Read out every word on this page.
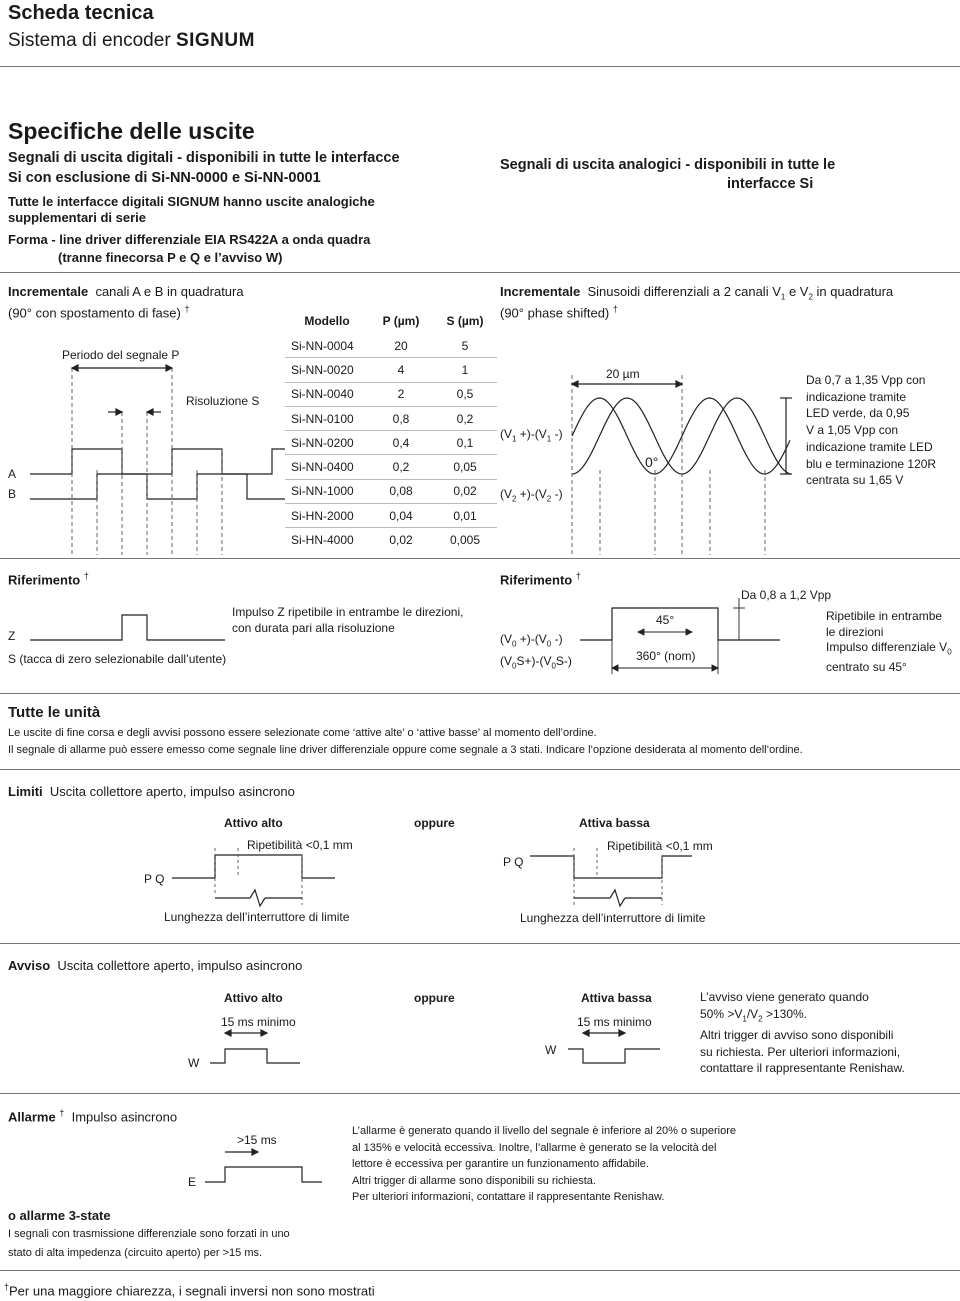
Scheda tecnica
Sistema di encoder SIGNUM
Specifiche delle uscite
Segnali di uscita digitali - disponibili in tutte le interfacce
Si con esclusione di Si-NN-0000 e Si-NN-0001
Tutte le interfacce digitali SIGNUM hanno uscite analogiche
supplementari di serie
Forma - line driver differenziale EIA RS422A a onda quadra
(tranne finecorsa P e Q e l’avviso W)
Segnali di uscita analogici - disponibili in tutte le
interfacce Si
Incrementale canali A e B in quadratura
(90° con spostamento di fase) †
Periodo del segnale P
Risoluzione S
A
B
Modello	P (µm)	S (µm)
Si-NN-0004	20	5
Si-NN-0020	4	1
Si-NN-0040	2	0,5
Si-NN-0100	0,8	0,2
Si-NN-0200	0,4	0,1
Si-NN-0400	0,2	0,05
Si-NN-1000	0,08	0,02
Si-HN-2000	0,04	0,01
Si-HN-4000	0,02	0,005
Incrementale Sinusoidi differenziali a 2 canali $V_1$ e $V_2$ in quadratura
(90° phase shifted) †
20 µm
0°
$(V_1 +)-(V_1$ -)
$(V_2 +)-(V_2$ -)
Da 0,7 a 1,35 Vpp con
indicazione tramite
LED verde, da 0,95
V a 1,05 Vpp con
indicazione tramite LED
blu e terminazione 120R
centrata su 1,65 V
Riferimento †
Z
S (tacca di zero selezionabile dall’utente)
Impulso Z ripetibile in entrambe le direzioni,
con durata pari alla risoluzione
Riferimento †
Da 0,8 a 1,2 Vpp
45°
360° (nom)
$(V_0 +)-(V_0$ -)
$(V_0S+)-(V_0S-)$
Ripetibile in entrambe
le direzioni
Impulso differenziale $V_0$
centrato su 45°
Tutte le unità
Le uscite di fine corsa e degli avvisi possono essere selezionate come ‘attive alte’ o ‘attive basse’ al momento dell’ordine.
Il segnale di allarme può essere emesso come segnale line driver differenziale oppure come segnale a 3 stati. Indicare l’opzione desiderata al momento dell’ordine.
Limiti Uscita collettore aperto, impulso asincrono
Attivo alto	oppure	Attiva bassa
Ripetibilità <0,1 mm	Ripetibilità <0,1 mm
P Q
P Q
Lunghezza dell’interruttore di limite	Lunghezza dell’interruttore di limite
Avviso Uscita collettore aperto, impulso asincrono
Attivo alto	oppure	Attiva bassa
15 ms minimo	15 ms minimo
W
W
L’avviso viene generato quando
$50\% >V_1/V_2 >130\%$.
Altri trigger di avviso sono disponibili
su richiesta. Per ulteriori informazioni,
contattare il rappresentante Renishaw.
Allarme † Impulso asincrono
>15 ms
E
o allarme 3-state
I segnali con trasmissione differenziale sono forzati in uno
stato di alta impedenza (circuito aperto) per >15 ms.
L’allarme è generato quando il livello del segnale è inferiore al 20% o superiore
al 135% e velocità eccessiva. Inoltre, l’allarme è generato se la velocità del
lettore è eccessiva per garantire un funzionamento affidabile.
Altri trigger di allarme sono disponibili su richiesta.
Per ulteriori informazioni, contattare il rappresentante Renishaw.
†Per una maggiore chiarezza, i segnali inversi non sono mostrati
